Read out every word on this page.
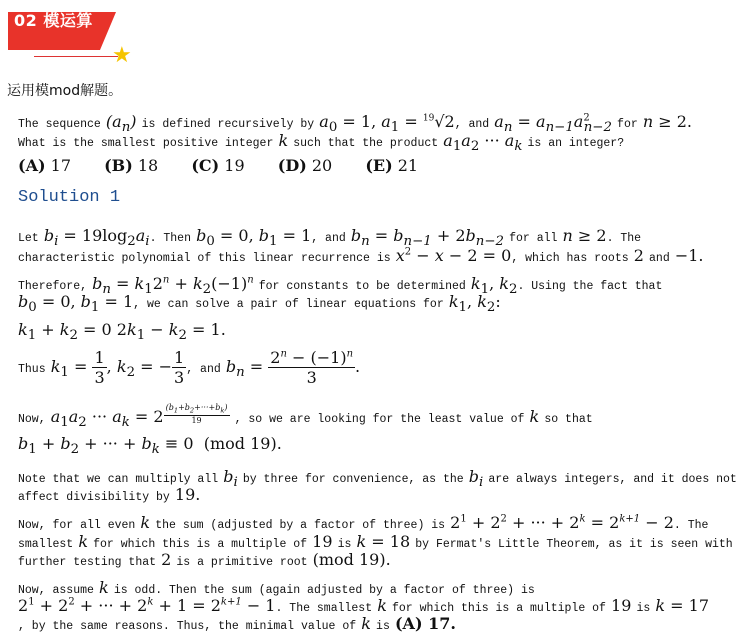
02 模运算
★
运用模mod解题。
The sequence $(a_n)$ is defined recursively by $a_0 = 1$, $a_1 = ^{19}√2$, and $a_n = a_{n-1}a^2_{n-2}$ for n ≥ 2.
What is the smallest positive integer k such that the product $a_1a_2$ ··· $a_k$ is an integer?
(A) 17 (B) 18 (C) 19 (D) 20 (E) 21
Solution 1
Let $b_i = 19\log_2a_i$. Then $b_0 = 0$, $b_1 = 1$, and $b_n = b_{n-1} + 2b_{n-2}$ for all n ≥ 2. The
characteristic polynomial of this linear recurrence is $x^2 - x - 2 = 0$, which has roots 2 and −1.
Therefore, $b_n = k_12^n + k_2(-1)^n$ for constants to be determined $k_1$, $k_2$. Using the fact that
$b_0 = 0$, $b_1 = 1$, we can solve a pair of linear equations for $k_1$, $k_2$:
$k_1 + k_2 = 0$ $2k_1 - k_2 = 1$.
Thus $k_1 = \frac{1}{3}$ , $k_2$ = − $\frac{1}{3}$ , and $b_n = \frac{2^n - (-1)^n}{3}$ .
Now, $a_1a_2$ ··· $a_k = 2$ $^{\frac{(b_1+b_2+\cdot\cdot\cdot+b_k)}{19}}$ , so we are looking for the least value of k so that
$b_1 + b_2$ + ··· + $b_k \equiv 0$  (mod 19).
Note that we can multiply all $b_i$ by three for convenience, as the $b_i$ are always integers, and it does not
affect divisibility by 19.
Now, for all even k the sum (adjusted by a factor of three) is $2^1 + 2^2$ + ··· + $2^k = 2^{k+1} - 2$. The
smallest k for which this is a multiple of 19 is k = 18 by Fermat's Little Theorem, as it is seen with
further testing that 2 is a primitive root (mod 19).
Now, assume k is odd. Then the sum (again adjusted by a factor of three) is
$2^1 + 2^2$ + ··· + $2^k + 1 = 2^{k+1} - 1$. The smallest k for which this is a multiple of 19 is k = 17
, by the same reasons. Thus, the minimal value of k is (A) 17.
